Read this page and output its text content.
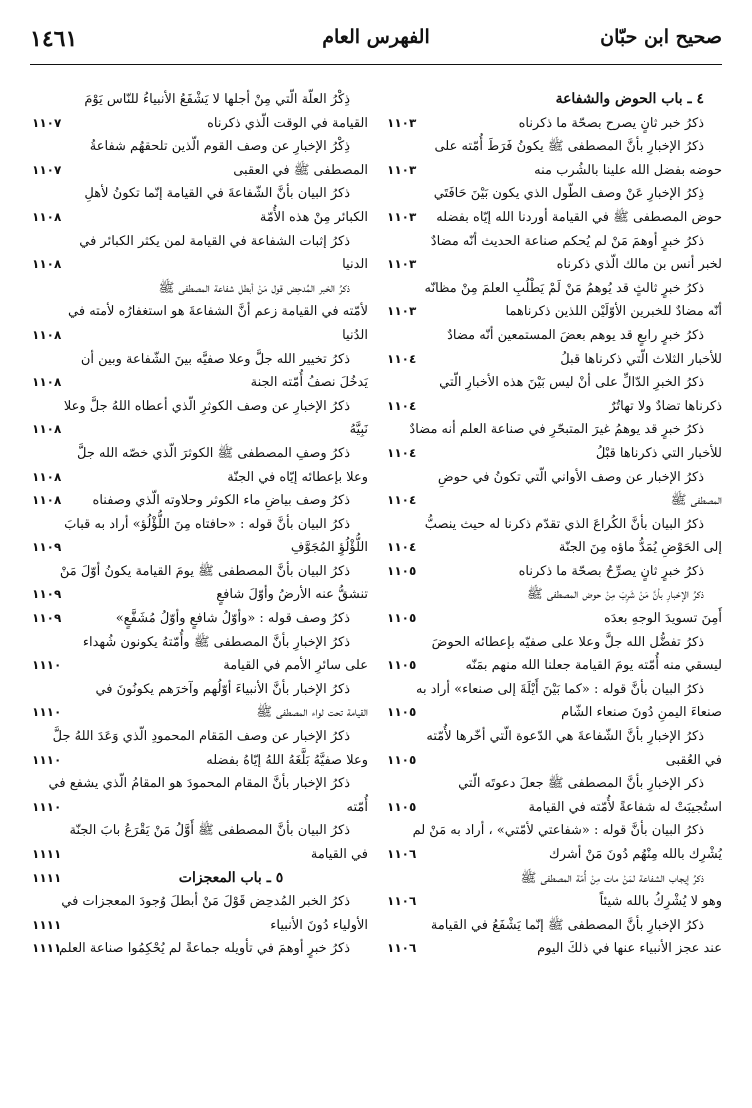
صحيح ابن حبّان
الفهرس العام
١٤٦١
٤ ـ باب الحوض والشفاعة
ذكرُ خبر ثانٍ يصرح بصحّة ما ذكرناه
١١٠٣
ذكرُ الإخبارِ بأنَّ المصطفى ﷺ يكونُ فَرَطَ أُمّته على
حوضه بفضل الله علينا بالشُرب منه
١١٠٣
ذِكرُ الإخبارِ عَنْ وصف الطّول الذي يكون بَيْنَ حَافَتَي
حوض المصطفى ﷺ في القيامة أوردنا الله إيّاه بفضله
١١٠٣
ذكرُ خبرٍ أوهمَ مَنْ لم يُحكم صناعة الحديث أنّه مضادٌ
لخبر أنس بن مالك الّذي ذكرناه
١١٠٣
ذكرُ خبرٍ ثالثٍ قد يُوهمُ مَنْ لَمْ يَطْلُبِ العلمَ مِنْ مظانّه
أنّه مضادٌ للخبرين الأوّلَيْن اللذين ذكرناهما
١١٠٣
ذكرُ خبرٍ رابعٍ قد يوهم بعضَ المستمعين أنّه مضادٌ
للأخبار الثلاث الّتي ذكرناها قبلُ
١١٠٤
ذكرُ الخبرِ الدّالِّ على أنْ ليس بَيْنَ هذه الأخبارِ الّتي
ذكرناها تضادٌ ولا تهاتُرٌ
١١٠٤
ذكرُ خبرٍ قد يوهمُ غيرَ المتبحّرِ في صناعة العلم أنه مضادٌ
للأخبار التي ذكرناها قبْلُ
١١٠٤
ذكرُ الإخبار عن وصف الأواني الّتي تكونُ في حوضِ
المصطفى ﷺ
١١٠٤
ذكرُ البيان بأنَّ الكُراعَ الذي تقدّم ذكرنا له حيث ينصبُّ
إلى الحَوْضِ يُمَدُّ ماؤه مِنَ الجنّة
١١٠٤
ذكرُ خبرٍ ثانٍ يصرِّحُ بصحّة ما ذكرناه
١١٠٥
ذكرُ الإخبارِ بأنَّ مَنْ شَرِبَ مِنْ حوض المصطفى ﷺ
أَمِنَ تسويدَ الوجهِ بعدَه
١١٠٥
ذكرُ تفضُّل الله جلَّ وعلا على صفيّه بإعطائه الحوضَ
ليسقي منه أُمّته يومَ القيامة جعلنا الله منهم بمَنّه
١١٠٥
ذكرُ البيان بأنَّ قوله : «كما بَيْنَ أَيْلَةَ إلى صنعاء» أراد به
صنعاءَ اليمنِ دُونَ صنعاء الشّام
١١٠٥
ذكرُ الإخبارِ بأنَّ الشّفاعةَ هي الدّعوة الّتي أخّرها لأُمّته
في العُقبى
١١٠٥
ذكر الإخبارِ بأنَّ المصطفى ﷺ جعلَ دعوتَه الّتي
استُجيبَتْ له شفاعةً لأُمّته في القيامة
١١٠٥
ذكرُ البيان بأنَّ قوله : «شفاعتي لأمّتي» ، أراد به مَنْ لم
يُشْرِك بالله مِنْهُم دُونَ مَنْ أشرك
١١٠٦
ذكرُ إيجاب الشفاعة لمَنْ مات مِنْ أُمّة المصطفى ﷺ
وهو لا يُشْرِكُ بالله شيئاً
١١٠٦
ذكرُ الإخبارِ بأنَّ المصطفى ﷺ إنّما يَشْفَعُ في القيامة
عند عجز الأنبياء عنها في ذلكَ اليوم
١١٠٦
ذِكْرُ العلّة الّتي مِنْ أجلها لا يَشْفَعُ الأنبياءُ للنّاس يَوْمَ
القيامة في الوقت الّذي ذكرناه
١١٠٧
ذِكْرُ الإخبارِ عن وصف القوم الّذين تلحقهُم شفاعةُ
المصطفى ﷺ في العقبى
١١٠٧
ذكرُ البيان بأنَّ الشّفاعةَ في القيامة إنّما تكونُ لأهلِ
الكبائر مِنْ هذه الأُمّة
١١٠٨
ذكرُ إثبات الشفاعة في القيامة لمن يكثر الكبائر في
الدنيا
١١٠٨
ذكرُ الخبر المُدحِض قول مَنْ أبطل شفاعة المصطفى ﷺ
لأمّته في القيامة زعم أنَّ الشفاعةَ هو استغفارُه لأمته في
الدُنيا
١١٠٨
ذكرُ تخيير الله جلَّ وعلا صفيَّه بينَ الشّفاعة وبين أن
يَدخُلَ نصفُ أُمّته الجنة
١١٠٨
ذكرُ الإخبارِ عن وصف الكوثرِ الّذي أعطاه اللهُ جلَّ وعلا
نَبِيَّهُ
١١٠٨
ذكرُ وصفِ المصطفى ﷺ الكوثرَ الّذي خصّه الله جلَّ
وعلا بإعطائه إيّاه في الجنّة
١١٠٨
ذكرُ وصف بياضِ ماء الكوثر وحلاوته الّذي وصفناه
١١٠٨
ذكرُ البيان بأنَّ قوله : «حافتاه مِنَ اللُّؤْلُؤ» أراد به قبابَ
اللُّؤْلُؤِ المُجَوَّفِ
١١٠٩
ذكرُ البيان بأنَّ المصطفى ﷺ يومَ القيامة يكونُ أوّلَ مَنْ
تنشقُّ عنه الأرضُ وأوّلَ شافعٍ
١١٠٩
ذكرُ وصف قوله : «وأوّلُ شافعٍ وأوّلُ مُشَفَّعٍ»
١١٠٩
ذكرُ الإخبارِ بأنَّ المصطفى ﷺ وأُمّتهُ يكونون شُهداء
على سائرِ الأمم في القيامة
١١١٠
ذكرُ الإخبار بأنَّ الأنبياءَ أوّلُهم وآخرَهم يكونُونَ في
القيامة تحت لواء المصطفى ﷺ
١١١٠
ذكرُ الإخبار عن وصف المَقام المحمودِ الّذي وَعَدَ اللهُ جلَّ
وعلا صفيَّهُ بَلَّغَهُ اللهُ إيّاهُ بفضله
١١١٠
ذكرُ الإخبار بأنَّ المقام المحمودَ هو المقامُ الّذي يشفع في
أُمّته
١١١٠
ذكرُ البيان بأنَّ المصطفى ﷺ أَوَّلُ مَنْ يَقْرَعُ بابَ الجنّة
في القيامة
١١١١
٥ ـ باب المعجزات
١١١١
ذكرُ الخبر المُدحِض قَوْلَ مَنْ أبطلَ وُجودَ المعجزات في
الأولياء دُونَ الأنبياء
١١١١
ذكرُ خبرٍ أوهمَ في تأويله جماعةً لم يُحْكِمُوا صناعة العلم
١١١١
